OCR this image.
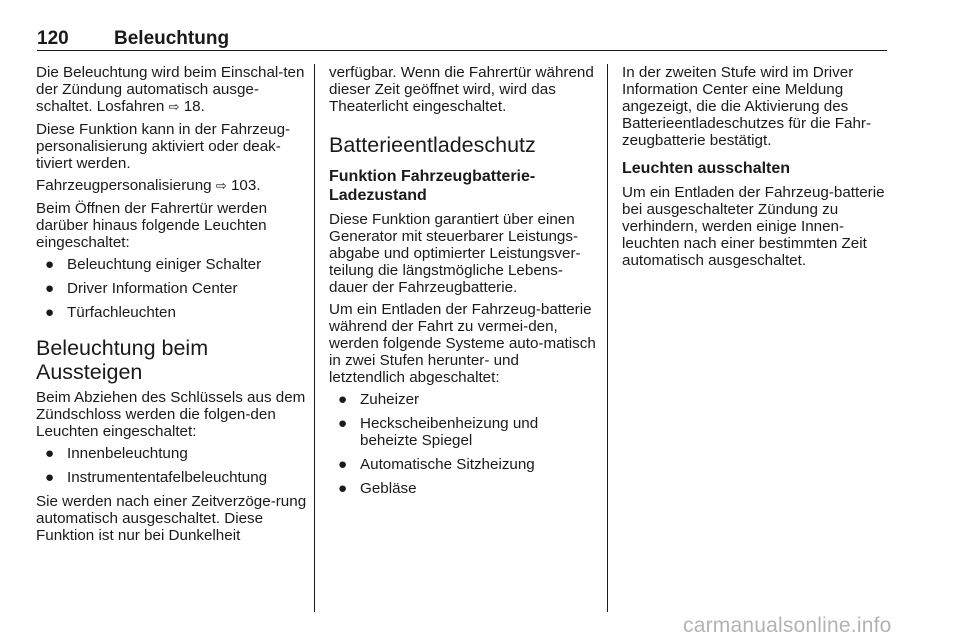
120 Beleuchtung

Die Beleuchtung wird beim Einschal-ten der Zündung automatisch ausge-schaltet. Losfahren ⇨ 18.

Diese Funktion kann in der Fahrzeug-personalisierung aktiviert oder deak-tiviert werden.

Fahrzeugpersonalisierung ⇨ 103.

Beim Öffnen der Fahrertür werden darüber hinaus folgende Leuchten eingeschaltet:

● Beleuchtung einiger Schalter
● Driver Information Center
● Türfachleuchten
Beleuchtung beim Aussteigen

Beim Abziehen des Schlüssels aus dem Zündschloss werden die folgen-den Leuchten eingeschaltet:

● Innenbeleuchtung
● Instrumententafelbeleuchtung

Sie werden nach einer Zeitverzöge-rung automatisch ausgeschaltet. Diese Funktion ist nur bei Dunkelheit

verfügbar. Wenn die Fahrertür während dieser Zeit geöffnet wird, wird das Theaterlicht eingeschaltet.

Batterieentladeschutz
Funktion Fahrzeugbatterie-Ladezustand

Diese Funktion garantiert über einen Generator mit steuerbarer Leistungs-abgabe und optimierter Leistungsver-teilung die längstmögliche Lebens-dauer der Fahrzeugbatterie.

Um ein Entladen der Fahrzeug-batterie während der Fahrt zu vermei-den, werden folgende Systeme auto-matisch in zwei Stufen herunter- und letztendlich abgeschaltet:

● Zuheizer
● Heckscheibenheizung und beheizte Spiegel
● Automatische Sitzheizung
● Gebläse

In der zweiten Stufe wird im Driver Information Center eine Meldung angezeigt, die die Aktivierung des Batterieentladeschutzes für die Fahr-zeugbatterie bestätigt.

Leuchten ausschalten

Um ein Entladen der Fahrzeug-batterie bei ausgeschalteter Zündung zu verhindern, werden einige Innen-leuchten nach einer bestimmten Zeit automatisch ausgeschaltet.

carmanualsonline.info
